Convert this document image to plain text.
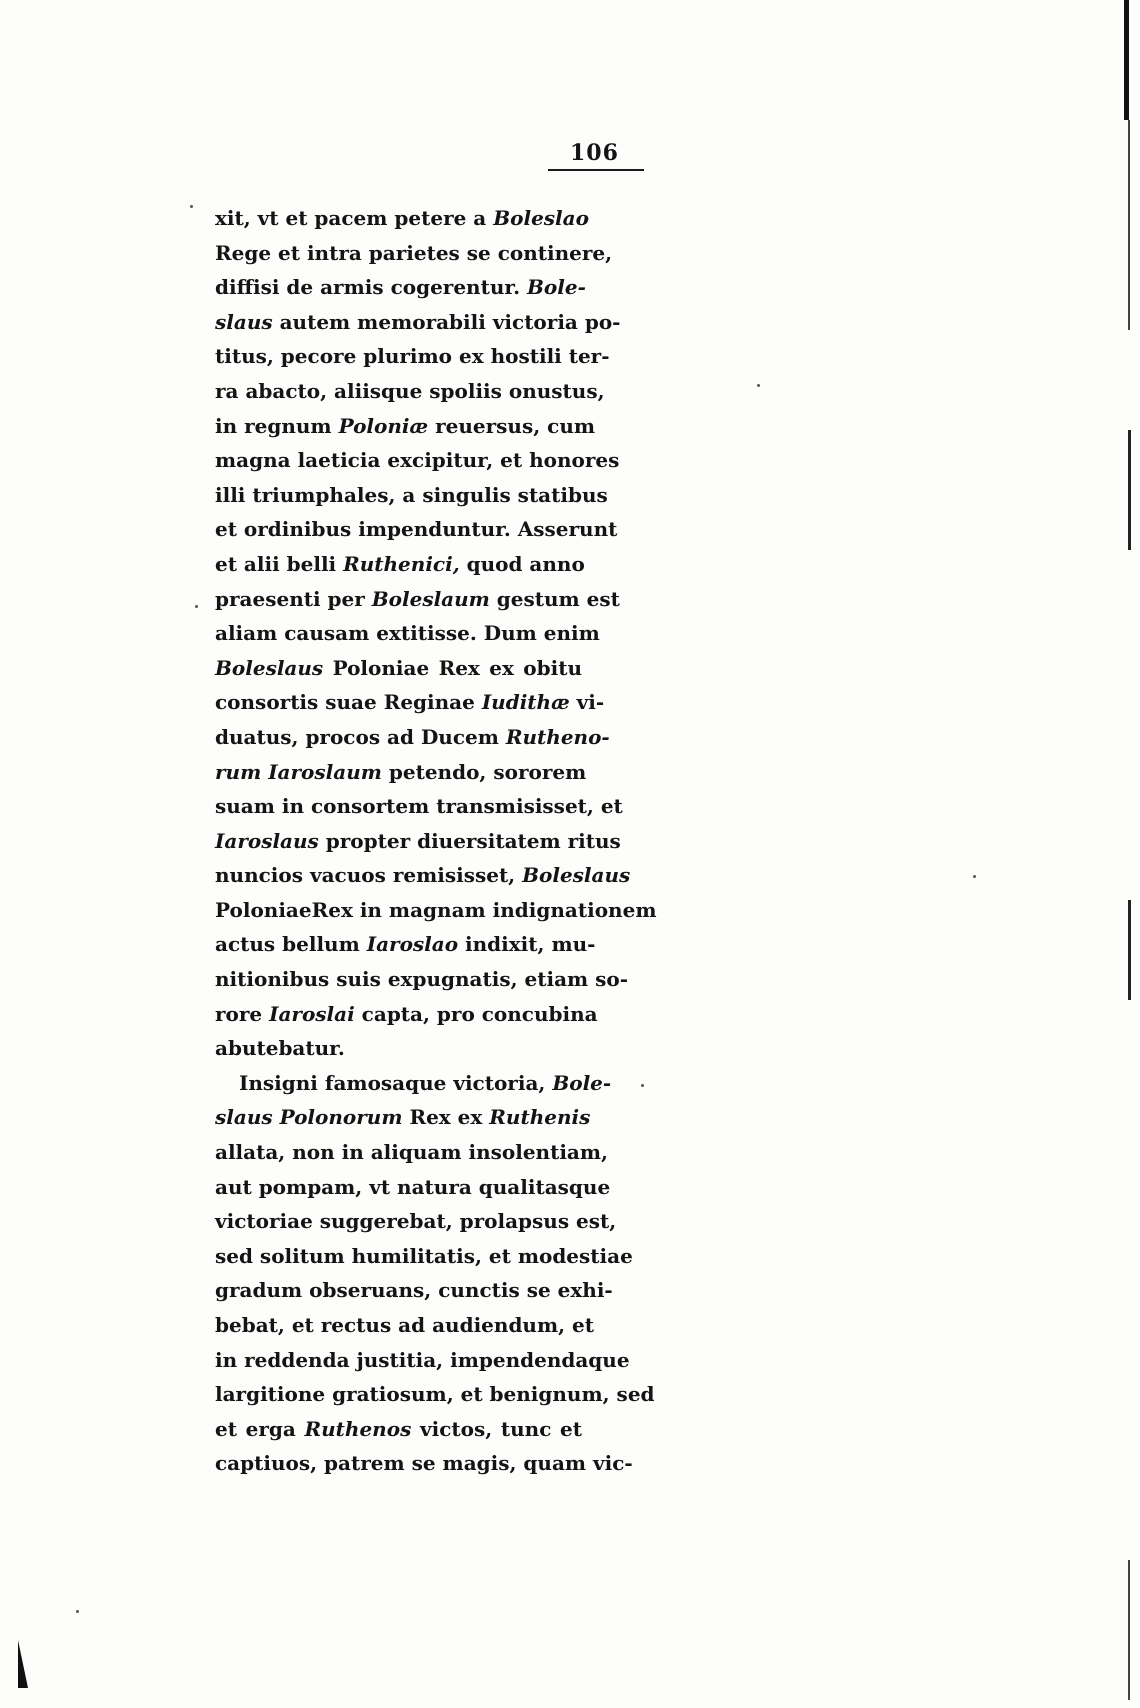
106
xit, vt et pacem petere a Boleslao
Rege et intra parietes se continere,
diffisi de armis cogerentur. Bole-
slaus autem memorabili victoria po-
titus, pecore plurimo ex hostili ter-
ra abacto, aliisque spoliis onustus,
in regnum Poloniæ reuersus, cum
magna laeticia excipitur, et honores
illi triumphales, a singulis statibus
et ordinibus impenduntur. Asserunt
et alii belli Ruthenici, quod anno
praesenti per Boleslaum gestum est
aliam causam extitisse. Dum enim
Boleslaus Poloniae Rex ex obitu
consortis suae Reginae Iudithæ vi-
duatus, procos ad Ducem Rutheno-
rum Iaroslaum petendo, sororem
suam in consortem transmisisset, et
Iaroslaus propter diuersitatem ritus
nuncios vacuos remisisset, Boleslaus
PoloniaeRex in magnam indignationem
actus bellum Iaroslao indixit, mu-
nitionibus suis expugnatis, etiam so-
rore Iaroslai capta, pro concubina
abutebatur.
Insigni famosaque victoria, Bole-
slaus Polonorum Rex ex Ruthenis
allata, non in aliquam insolentiam,
aut pompam, vt natura qualitasque
victoriae suggerebat, prolapsus est,
sed solitum humilitatis, et modestiae
gradum obseruans, cunctis se exhi-
bebat, et rectus ad audiendum, et
in reddenda justitia, impendendaque
largitione gratiosum, et benignum, sed
et erga Ruthenos victos, tunc et
captiuos, patrem se magis, quam vic-
